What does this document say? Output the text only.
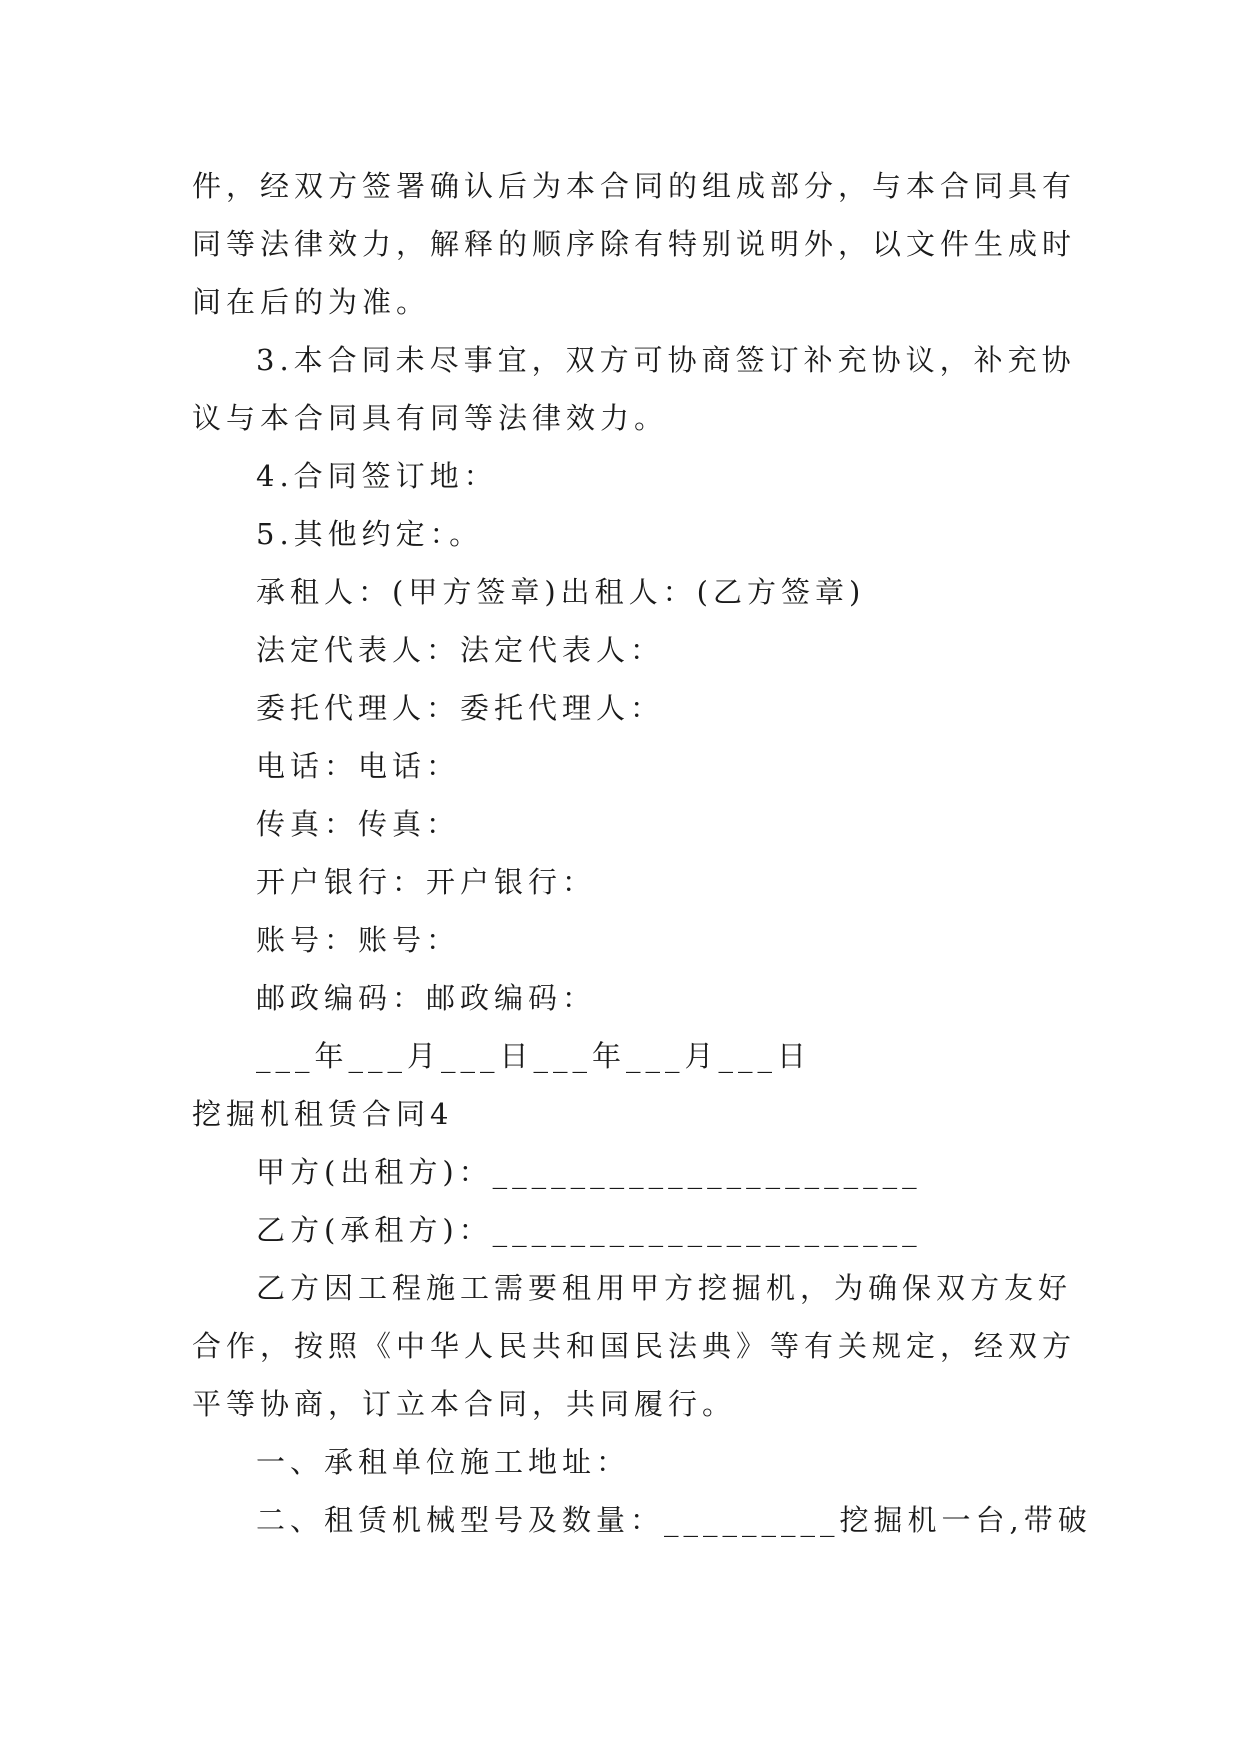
件，经双方签署确认后为本合同的组成部分，与本合同具有
同等法律效力，解释的顺序除有特别说明外，以文件生成时
间在后的为准。
3.本合同未尽事宜，双方可协商签订补充协议，补充协
议与本合同具有同等法律效力。
4.合同签订地：
5.其他约定：。
承租人：(甲方签章)出租人：(乙方签章)
法定代表人：法定代表人：
委托代理人：委托代理人：
电话：电话：
传真：传真：
开户银行：开户银行：
账号：账号：
邮政编码：邮政编码：
___年___月___日___年___月___日
挖掘机租赁合同4
甲方(出租方)：______________________
乙方(承租方)：______________________
乙方因工程施工需要租用甲方挖掘机，为确保双方友好
合作，按照《中华人民共和国民法典》等有关规定，经双方
平等协商，订立本合同，共同履行。
一、承租单位施工地址：
二、租赁机械型号及数量：_________挖掘机一台,带破
